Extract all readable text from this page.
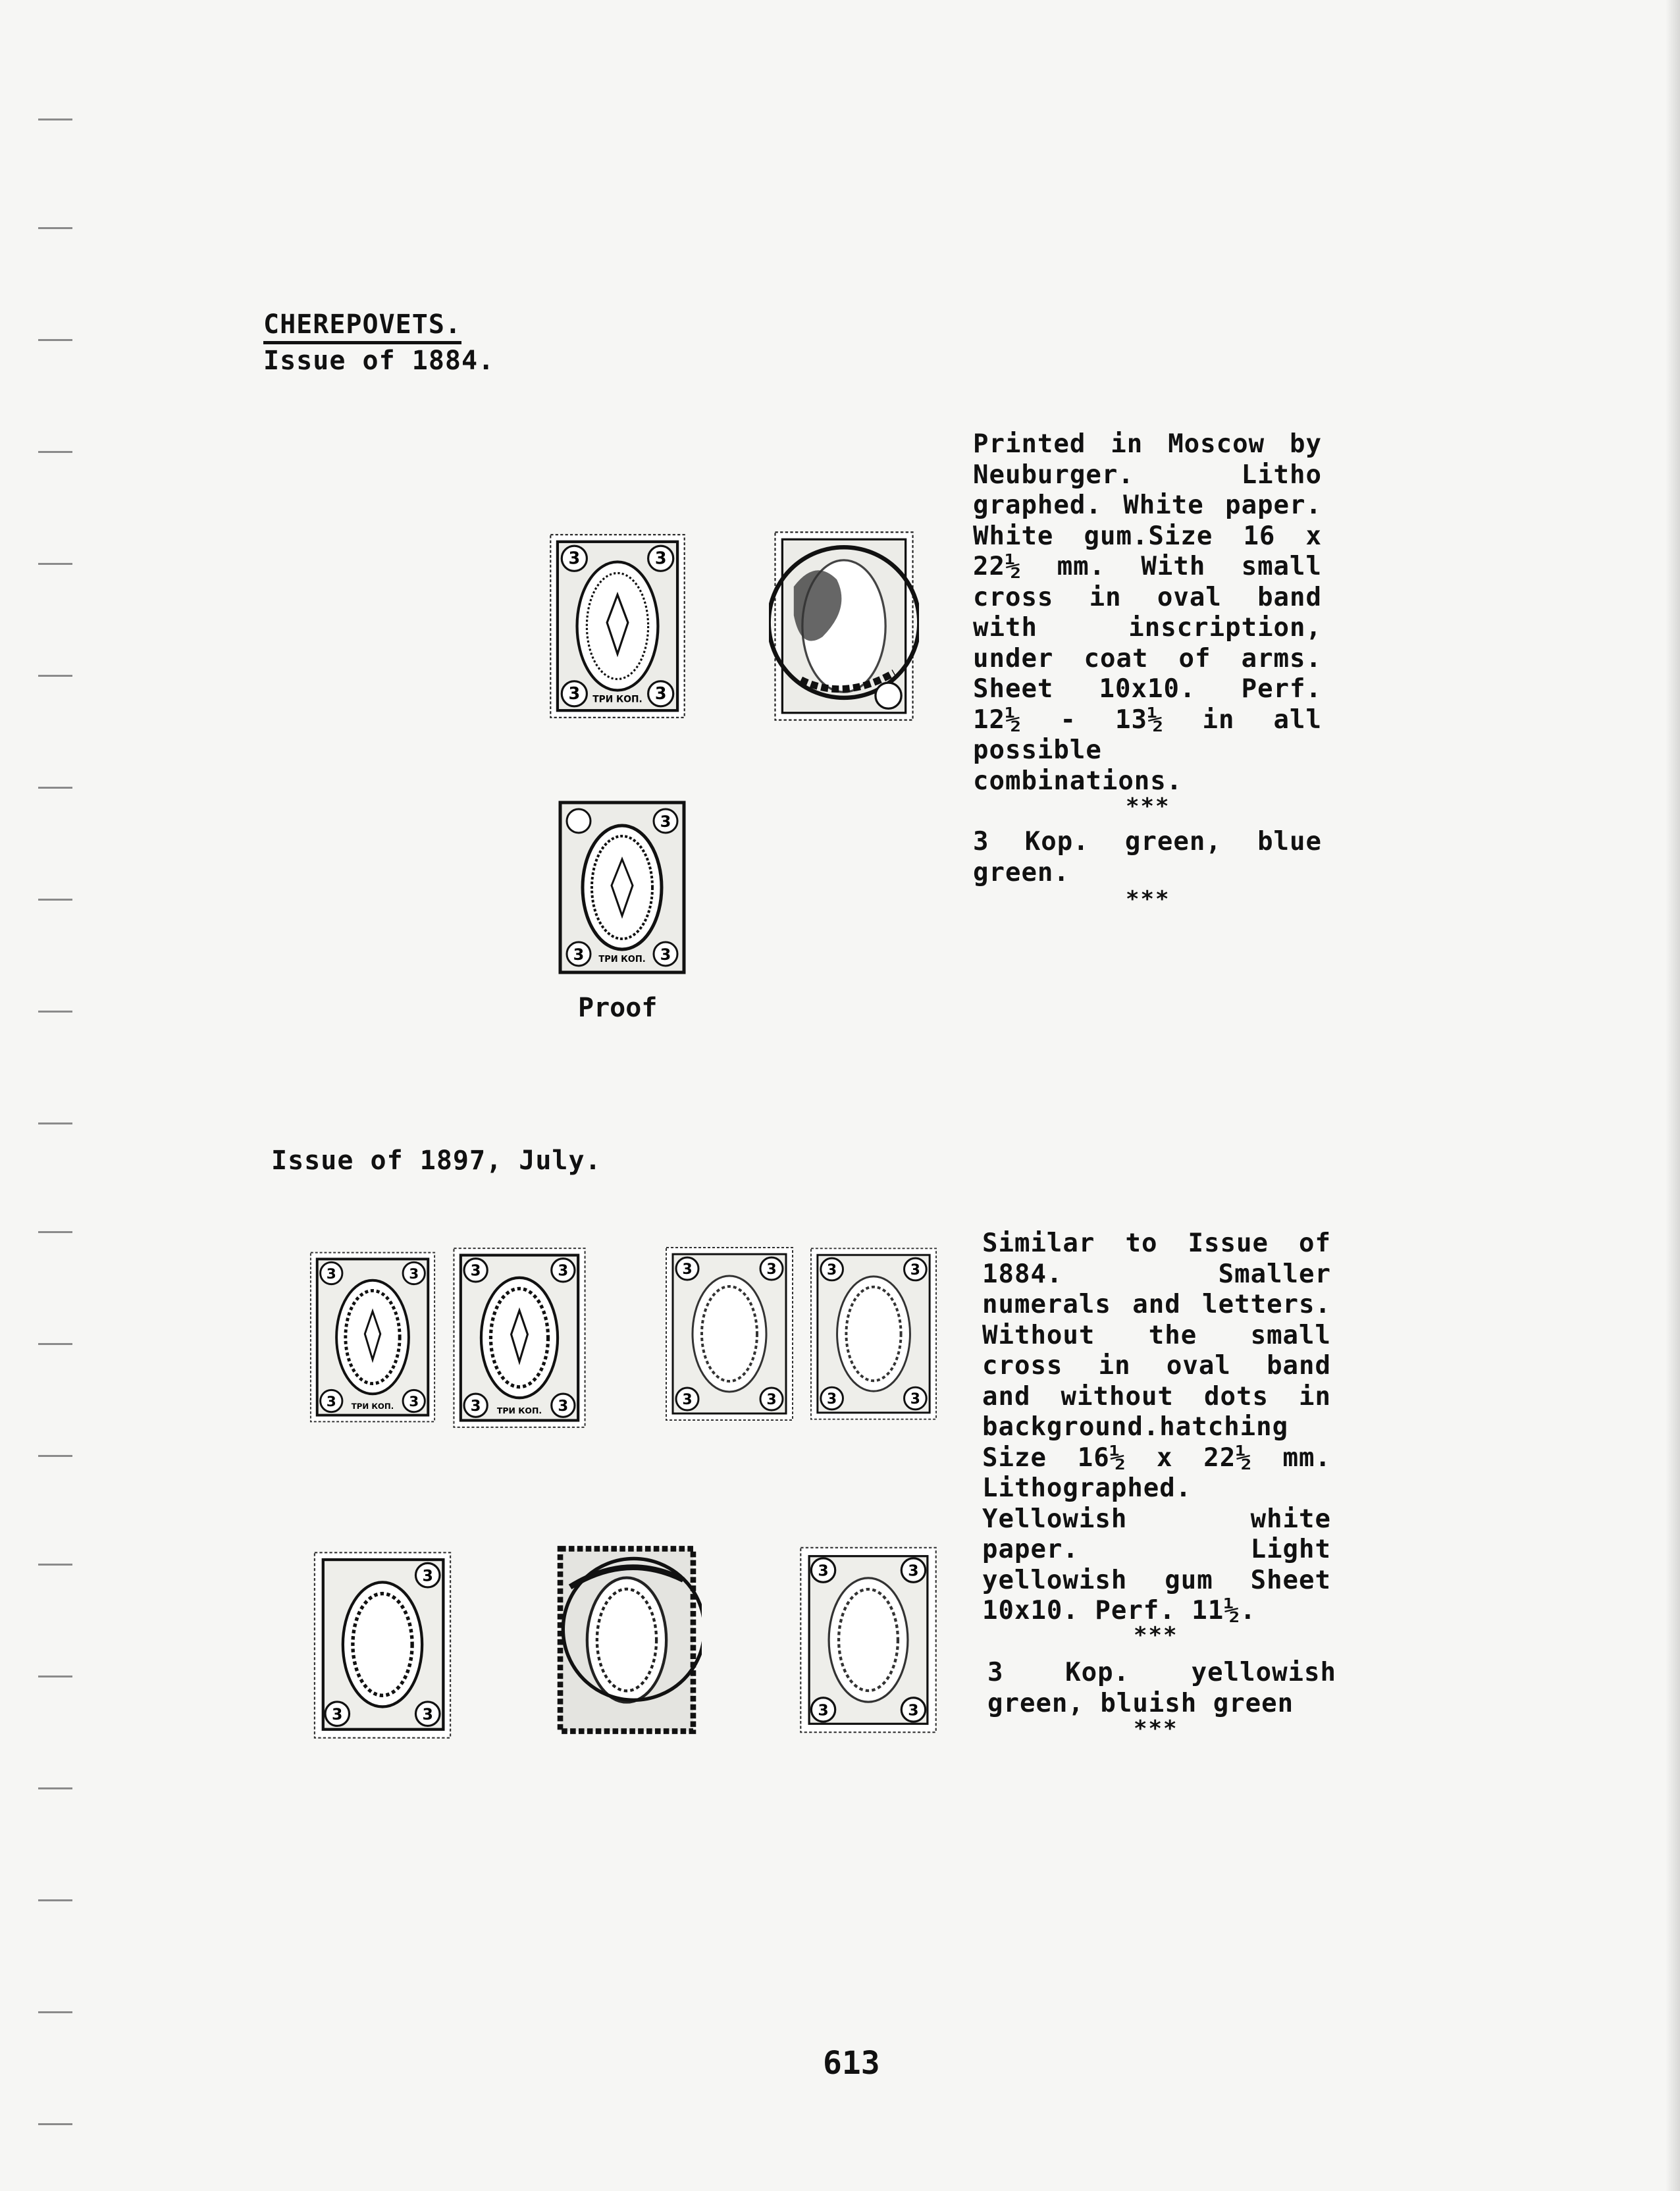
CHEREPOVETS.
Issue of 1884.
3	3
3	3
ТРИ КОП.
3
3	3
ТРИ КОП.
Proof

Printed in Moscow by Neuburger. Litho graphed. White paper. White gum.Size 16 x 22½ mm. With small cross in oval band with inscription, under coat of arms. Sheet 10x10. Perf. 12½ - 13½ in all possible combinations.

***

3 Kop. green, blue green.

***
Issue of 1897, July.
3	3
3	3
ТРИ КОП.
3	3
3	3
ТРИ КОП.
3	3
3	3
3	3
3	3
3
3	3
3	3
3	3

Similar to Issue of 1884. Smaller numerals and letters. Without the small cross in oval band and without dots in background.hatching Size 16½ x 22½ mm. Lithographed. Yellowish white paper. Light yellowish gum Sheet 10x10. Perf. 11½.

***

3 Kop. yellowish green, bluish green

***
613
